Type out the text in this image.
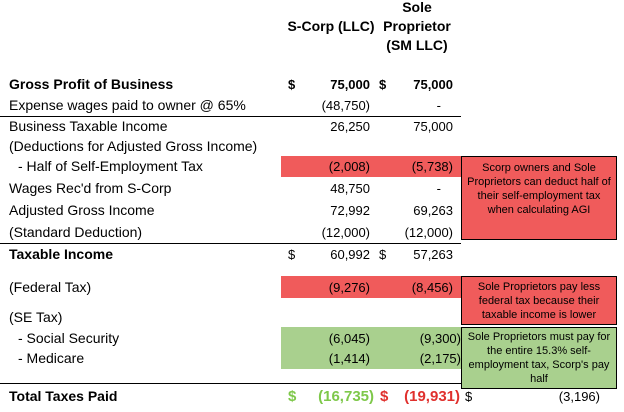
S-Corp (LLC)
Sole
Proprietor
(SM LLC)
Scorp owners and Sole Proprietors can deduct half of their self-employment tax when calculating AGI
Sole Proprietors pay less federal tax because their taxable income is lower
Sole Proprietors must pay for the entire 15.3% self-employment tax, Scorp's pay half
Gross Profit of Business	$	75,000 $	75,000
Expense wages paid to owner @ 65%	(48,750)	-
Business Taxable Income	26,250	75,000
(Deductions for Adjusted Gross Income)
- Half of Self-Employment Tax	(2,008)	(5,738)
Wages Rec'd from S-Corp	48,750	-
Adjusted Gross Income	72,992	69,263
(Standard Deduction)	(12,000)	(12,000)
Taxable Income	$	60,992 $	57,263
(Federal Tax)	(9,276)	(8,456)
(SE Tax)
- Social Security	(6,045)	(9,300)
- Medicare	(1,414)	(2,175)
Total Taxes Paid	$	(16,735) $	(19,931) $	(3,196)
